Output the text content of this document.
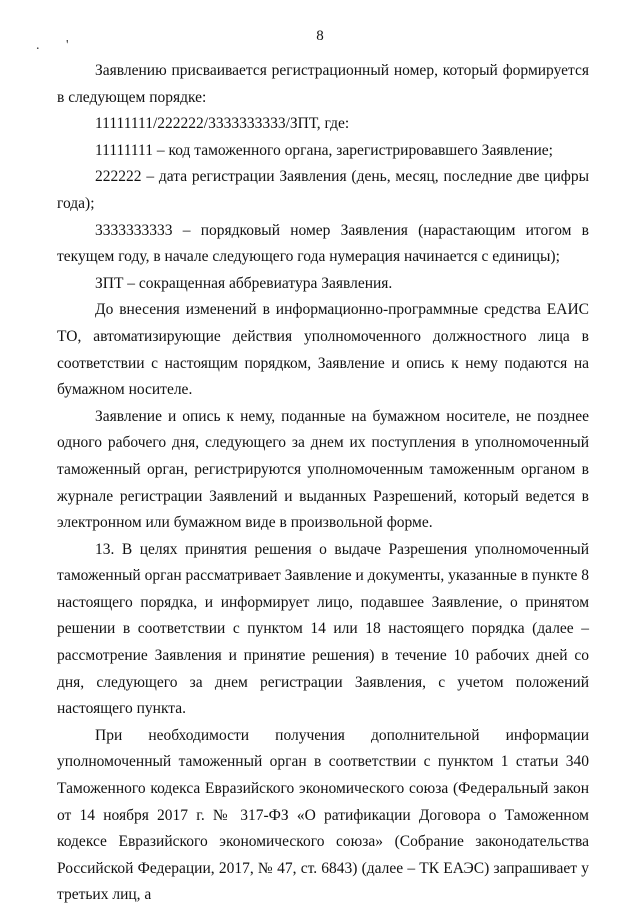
. '
8

Заявлению присваивается регистрационный номер, который формируется в следующем порядке:

11111111/222222/3333333333/ЗПТ, где:

11111111 – код таможенного органа, зарегистрировавшего Заявление;

222222 – дата регистрации Заявления (день, месяц, последние две цифры года);

3333333333 – порядковый номер Заявления (нарастающим итогом в текущем году, в начале следующего года нумерация начинается с единицы);

ЗПТ – сокращенная аббревиатура Заявления.

До внесения изменений в информационно-программные средства ЕАИС ТО, автоматизирующие действия уполномоченного должностного лица в соответствии с настоящим порядком, Заявление и опись к нему подаются на бумажном носителе.

Заявление и опись к нему, поданные на бумажном носителе, не позднее одного рабочего дня, следующего за днем их поступления в уполномоченный таможенный орган, регистрируются уполномоченным таможенным органом в журнале регистрации Заявлений и выданных Разрешений, который ведется в электронном или бумажном виде в произвольной форме.

13. В целях принятия решения о выдаче Разрешения уполномоченный таможенный орган рассматривает Заявление и документы, указанные в пункте 8 настоящего порядка, и информирует лицо, подавшее Заявление, о принятом решении в соответствии с пунктом 14 или 18 настоящего порядка (далее – рассмотрение Заявления и принятие решения) в течение 10 рабочих дней со дня, следующего за днем регистрации Заявления, с учетом положений настоящего пункта.

При необходимости получения дополнительной информации уполномоченный таможенный орган в соответствии с пунктом 1 статьи 340 Таможенного кодекса Евразийского экономического союза (Федеральный закон от 14 ноября 2017 г. № 317-ФЗ «О ратификации Договора о Таможенном кодексе Евразийского экономического союза» (Собрание законодательства Российской Федерации, 2017, № 47, ст. 6843) (далее – ТК ЕАЭС) запрашивает у третьих лиц, а
